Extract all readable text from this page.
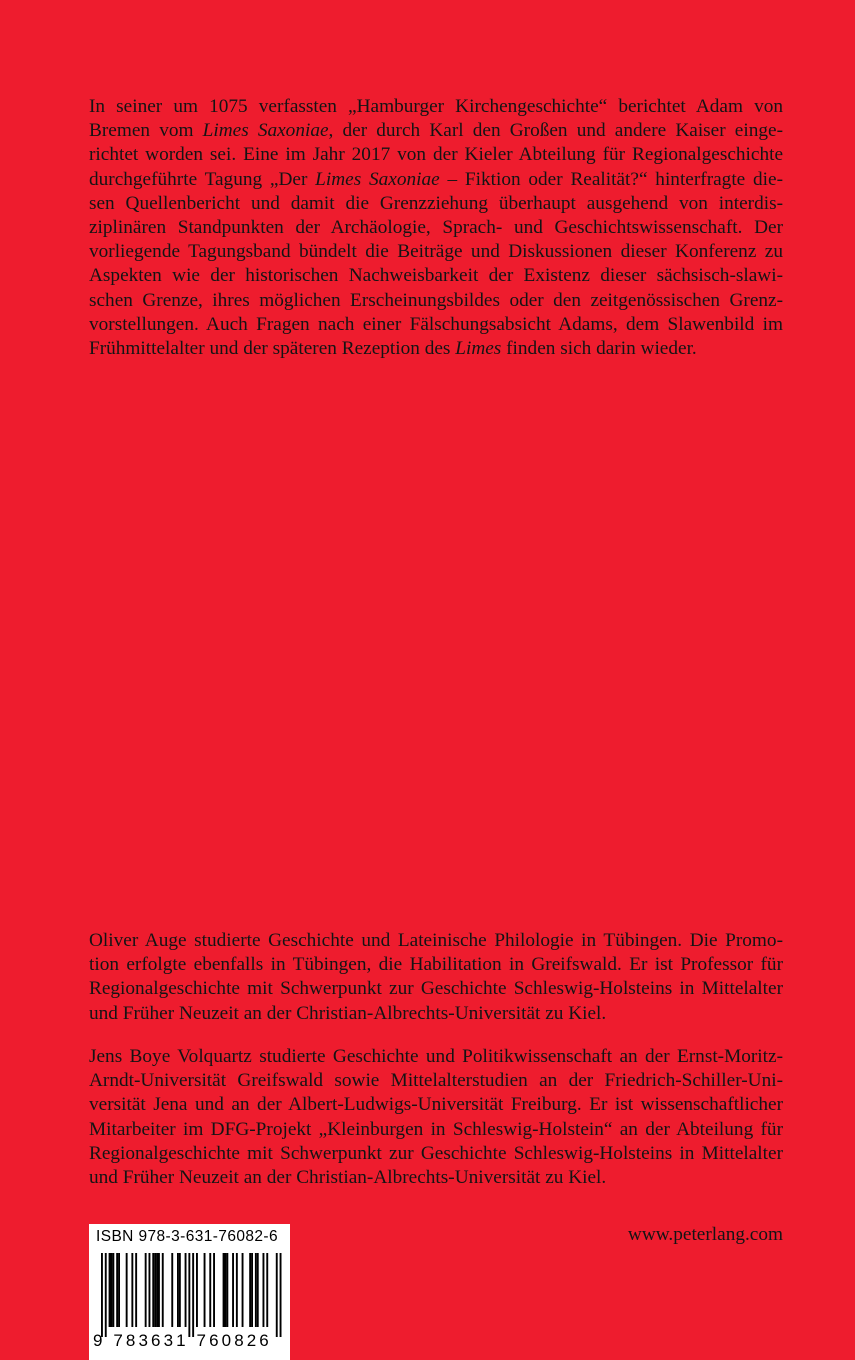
In seiner um 1075 verfassten „Hamburger Kirchengeschichte“ berichtet Adam von

Bremen vom Limes Saxoniae, der durch Karl den Großen und andere Kaiser einge-

richtet worden sei. Eine im Jahr 2017 von der Kieler Abteilung für Regionalgeschichte

durchgeführte Tagung „Der Limes Saxoniae – Fiktion oder Realität?“ hinterfragte die-

sen Quellenbericht und damit die Grenzziehung überhaupt ausgehend von interdis-

ziplinären Standpunkten der Archäologie, Sprach- und Geschichtswissenschaft. Der

vorliegende Tagungsband bündelt die Beiträge und Diskussionen dieser Konferenz zu

Aspekten wie der historischen Nachweisbarkeit der Existenz dieser sächsisch-slawi-

schen Grenze, ihres möglichen Erscheinungsbildes oder den zeitgenössischen Grenz-

vorstellungen. Auch Fragen nach einer Fälschungsabsicht Adams, dem Slawenbild im

Frühmittelalter und der späteren Rezeption des Limes finden sich darin wieder.

Oliver Auge studierte Geschichte und Lateinische Philologie in Tübingen. Die Promo-

tion erfolgte ebenfalls in Tübingen, die Habilitation in Greifswald. Er ist Professor für

Regionalgeschichte mit Schwerpunkt zur Geschichte Schleswig-Holsteins in Mittelalter

und Früher Neuzeit an der Christian-Albrechts-Universität zu Kiel.

Jens Boye Volquartz studierte Geschichte und Politikwissenschaft an der Ernst-Moritz-

Arndt-Universität Greifswald sowie Mittelalterstudien an der Friedrich-Schiller-Uni-

versität Jena und an der Albert-Ludwigs-Universität Freiburg. Er ist wissenschaftlicher

Mitarbeiter im DFG-Projekt „Kleinburgen in Schleswig-Holstein“ an der Abteilung für

Regionalgeschichte mit Schwerpunkt zur Geschichte Schleswig-Holsteins in Mittelalter

und Früher Neuzeit an der Christian-Albrechts-Universität zu Kiel.

ISBN 978-3-631-76082-6
9 783631 760826
www.peterlang.com
